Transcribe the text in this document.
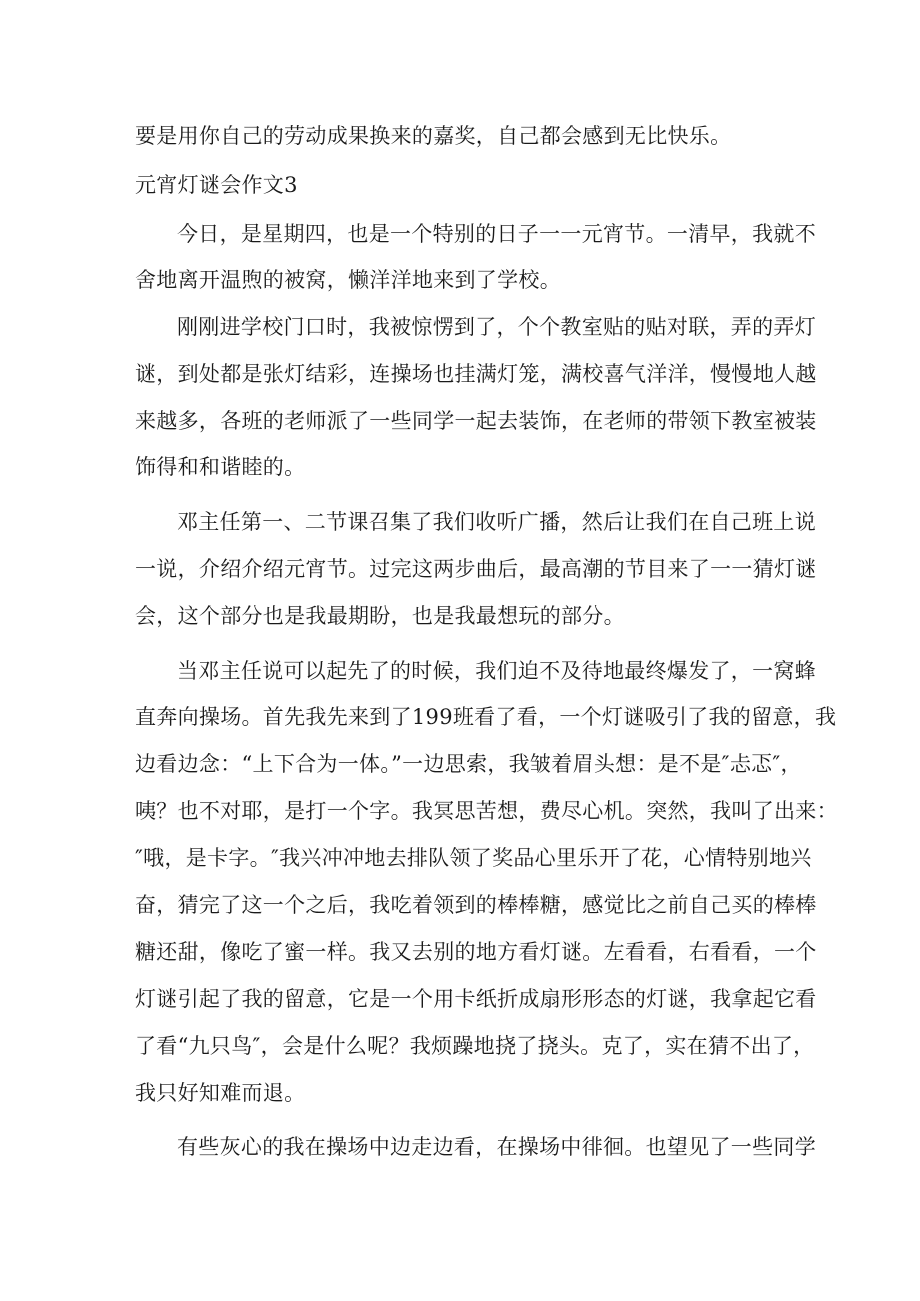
要是用你自己的劳动成果换来的嘉奖，自己都会感到无比快乐。

元宵灯谜会作文3

今日，是星期四，也是一个特别的日子一一元宵节。一清早，我就不

舍地离开温煦的被窝，懒洋洋地来到了学校。

刚刚进学校门口时，我被惊愣到了，个个教室贴的贴对联，弄的弄灯

谜，到处都是张灯结彩，连操场也挂满灯笼，满校喜气洋洋，慢慢地人越

来越多，各班的老师派了一些同学一起去装饰，在老师的带领下教室被装

饰得和和谐睦的。

邓主任第一、二节课召集了我们收听广播，然后让我们在自己班上说

一说，介绍介绍元宵节。过完这两步曲后，最高潮的节目来了一一猜灯谜

会，这个部分也是我最期盼，也是我最想玩的部分。

当邓主任说可以起先了的时候，我们迫不及待地最终爆发了，一窝蜂

直奔向操场。首先我先来到了199班看了看，一个灯谜吸引了我的留意，我

边看边念：“上下合为一体。”一边思索，我皱着眉头想：是不是″忐忑″，

咦？也不对耶，是打一个字。我冥思苦想，费尽心机。突然，我叫了出来：

″哦，是卡字。″我兴冲冲地去排队领了奖品心里乐开了花，心情特别地兴

奋，猜完了这一个之后，我吃着领到的棒棒糖，感觉比之前自己买的棒棒

糖还甜，像吃了蜜一样。我又去别的地方看灯谜。左看看，右看看，一个

灯谜引起了我的留意，它是一个用卡纸折成扇形形态的灯谜，我拿起它看

了看“九只鸟″，会是什么呢？我烦躁地挠了挠头。克了，实在猜不出了，

我只好知难而退。

有些灰心的我在操场中边走边看，在操场中徘徊。也望见了一些同学
